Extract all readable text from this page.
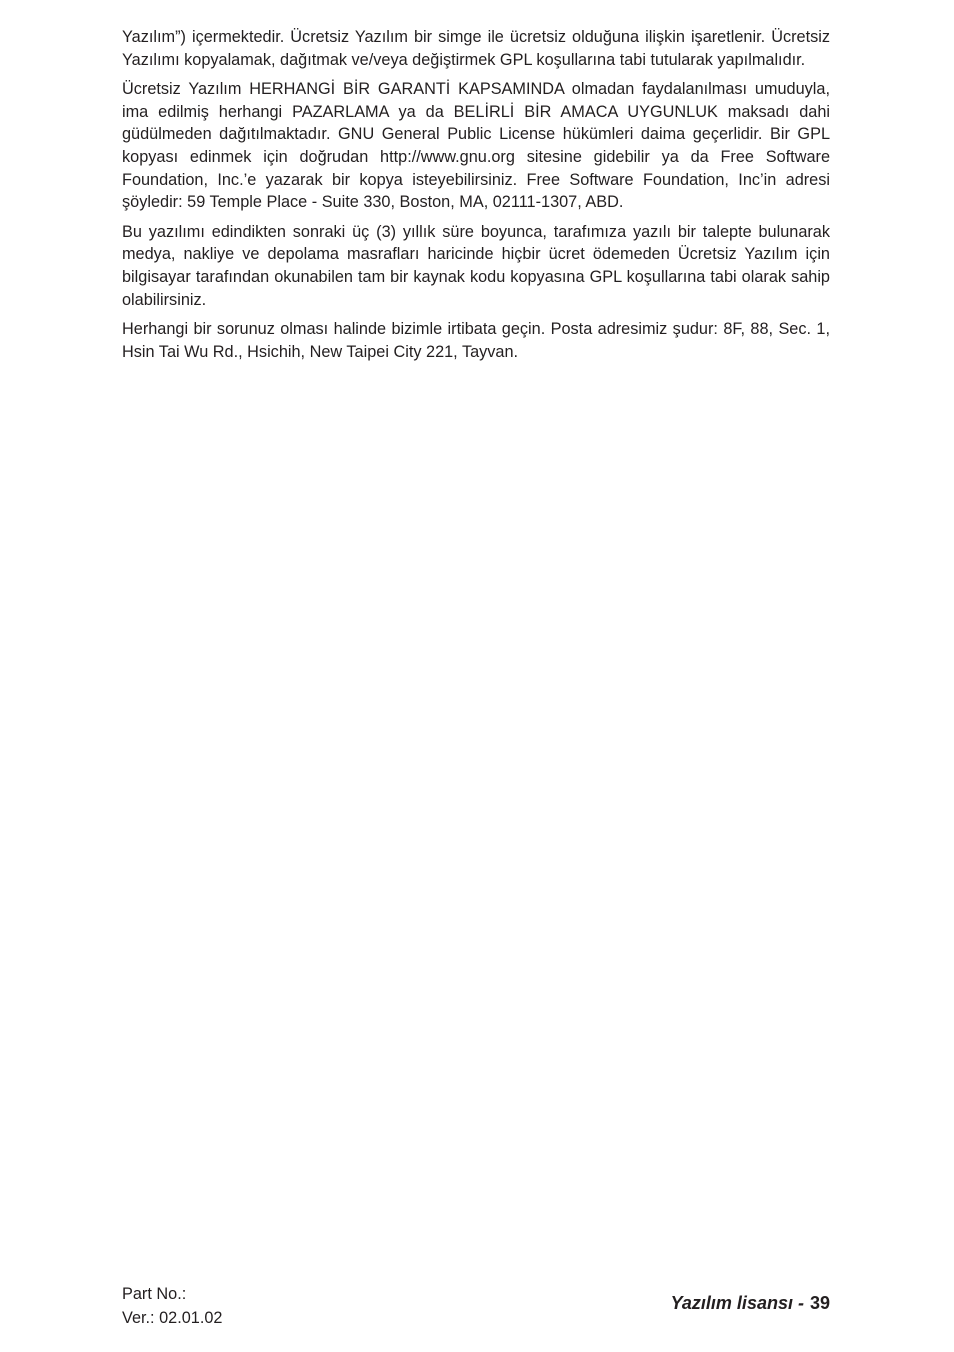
Yazılım”) içermektedir. Ücretsiz Yazılım bir simge ile ücretsiz olduğuna ilişkin işaretlenir. Ücretsiz Yazılımı kopyalamak, dağıtmak ve/veya değiştirmek GPL koşullarına tabi tutularak yapılmalıdır.

Ücretsiz Yazılım HERHANGİ BİR GARANTİ KAPSAMINDA olmadan faydalanılması umuduyla, ima edilmiş herhangi PAZARLAMA ya da BELİRLİ BİR AMACA UYGUNLUK maksadı dahi güdülmeden dağıtılmaktadır. GNU General Public License hükümleri daima geçerlidir. Bir GPL kopyası edinmek için doğrudan http://www.gnu.org sitesine gidebilir ya da Free Software Foundation, Inc.’e yazarak bir kopya isteyebilirsiniz. Free Software Foundation, Inc’in adresi şöyledir: 59 Temple Place - Suite 330, Boston, MA, 02111-1307, ABD.

Bu yazılımı edindikten sonraki üç (3) yıllık süre boyunca, tarafımıza yazılı bir talepte bulunarak medya, nakliye ve depolama masrafları haricinde hiçbir ücret ödemeden Ücretsiz Yazılım için bilgisayar tarafından okunabilen tam bir kaynak kodu kopyasına GPL koşullarına tabi olarak sahip olabilirsiniz.

Herhangi bir sorunuz olması halinde bizimle irtibata geçin. Posta adresimiz şudur: 8F, 88, Sec. 1, Hsin Tai Wu Rd., Hsichih, New Taipei City 221, Tayvan.

Part No.:
Ver.: 02.01.02
Yazılım lisansı - 39
